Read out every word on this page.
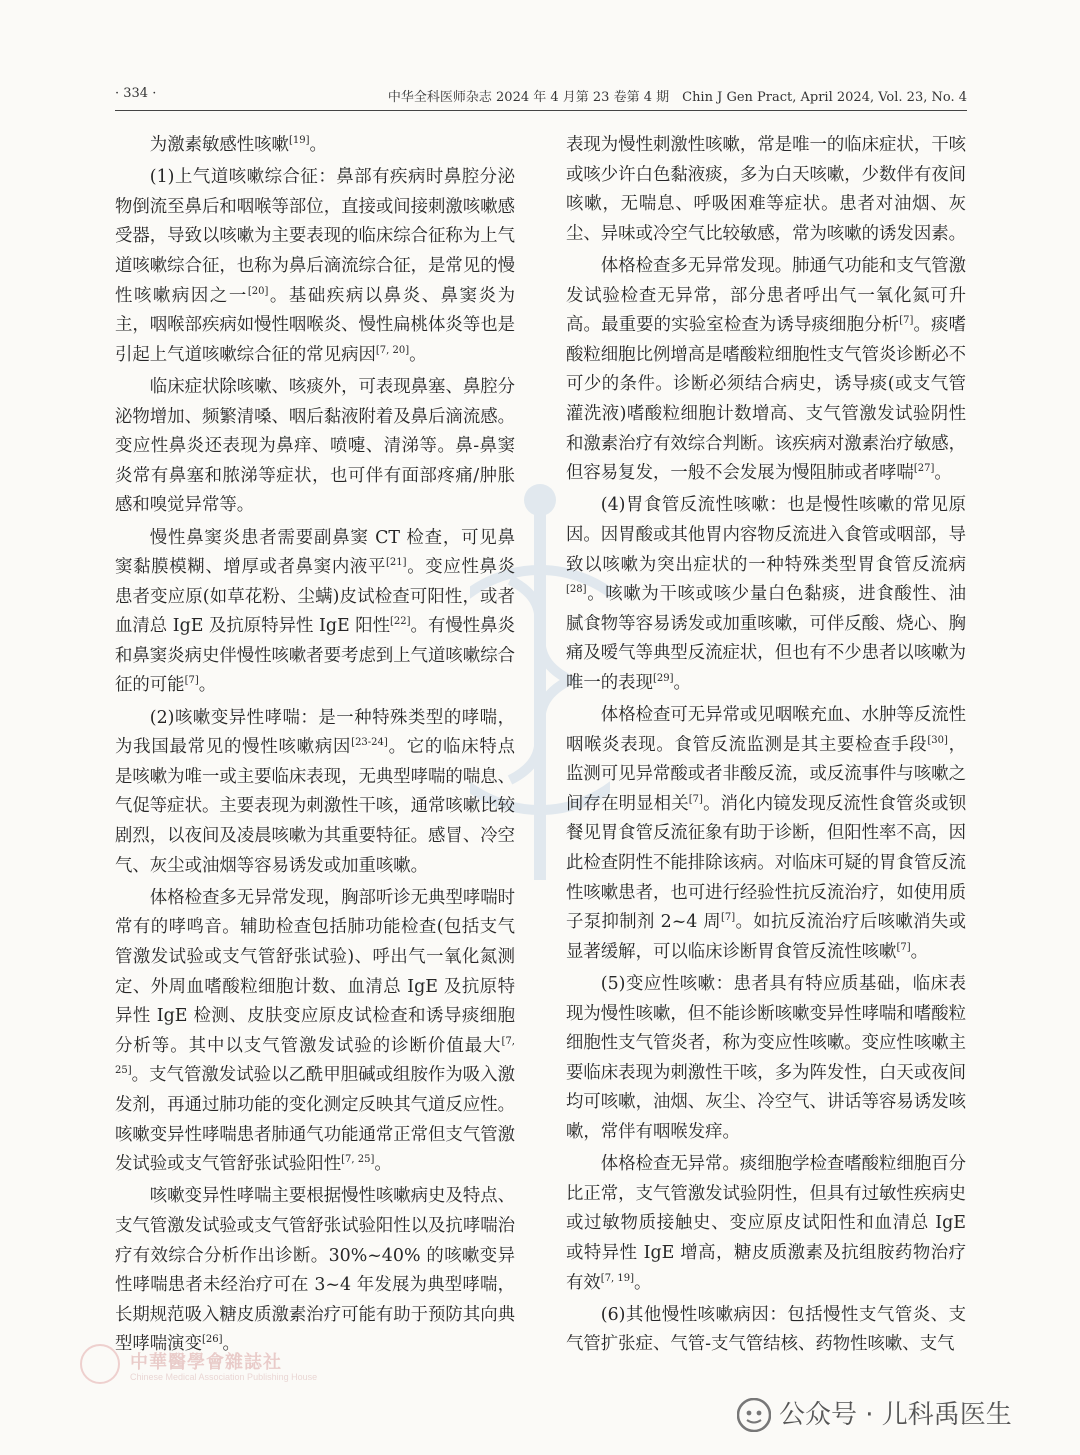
· 334 ·	中华全科医师杂志 2024 年 4 月第 23 卷第 4 期　Chin J Gen Pract, April 2024, Vol. 23, No. 4

为激素敏感性咳嗽[19]。

(1)上气道咳嗽综合征：鼻部有疾病时鼻腔分泌物倒流至鼻后和咽喉等部位，直接或间接刺激咳嗽感受器，导致以咳嗽为主要表现的临床综合征称为上气道咳嗽综合征，也称为鼻后滴流综合征，是常见的慢性咳嗽病因之一[20]。基础疾病以鼻炎、鼻窦炎为主，咽喉部疾病如慢性咽喉炎、慢性扁桃体炎等也是引起上气道咳嗽综合征的常见病因[7, 20]。

临床症状除咳嗽、咳痰外，可表现鼻塞、鼻腔分泌物增加、频繁清嗓、咽后黏液附着及鼻后滴流感。变应性鼻炎还表现为鼻痒、喷嚏、清涕等。鼻-鼻窦炎常有鼻塞和脓涕等症状，也可伴有面部疼痛/肿胀感和嗅觉异常等。

慢性鼻窦炎患者需要副鼻窦 CT 检查，可见鼻窦黏膜模糊、增厚或者鼻窦内液平[21]。变应性鼻炎患者变应原(如草花粉、尘螨)皮试检查可阳性，或者血清总 IgE 及抗原特异性 IgE 阳性[22]。有慢性鼻炎和鼻窦炎病史伴慢性咳嗽者要考虑到上气道咳嗽综合征的可能[7]。

(2)咳嗽变异性哮喘：是一种特殊类型的哮喘，为我国最常见的慢性咳嗽病因[23-24]。它的临床特点是咳嗽为唯一或主要临床表现，无典型哮喘的喘息、气促等症状。主要表现为刺激性干咳，通常咳嗽比较剧烈，以夜间及凌晨咳嗽为其重要特征。感冒、冷空气、灰尘或油烟等容易诱发或加重咳嗽。

体格检查多无异常发现，胸部听诊无典型哮喘时常有的哮鸣音。辅助检查包括肺功能检查(包括支气管激发试验或支气管舒张试验)、呼出气一氧化氮测定、外周血嗜酸粒细胞计数、血清总 IgE 及抗原特异性 IgE 检测、皮肤变应原皮试检查和诱导痰细胞分析等。其中以支气管激发试验的诊断价值最大[7, 25]。支气管激发试验以乙酰甲胆碱或组胺作为吸入激发剂，再通过肺功能的变化测定反映其气道反应性。咳嗽变异性哮喘患者肺通气功能通常正常但支气管激发试验或支气管舒张试验阳性[7, 25]。

咳嗽变异性哮喘主要根据慢性咳嗽病史及特点、支气管激发试验或支气管舒张试验阳性以及抗哮喘治疗有效综合分析作出诊断。30%~40% 的咳嗽变异性哮喘患者未经治疗可在 3~4 年发展为典型哮喘，长期规范吸入糖皮质激素治疗可能有助于预防其向典型哮喘演变[26]。

表现为慢性刺激性咳嗽，常是唯一的临床症状，干咳或咳少许白色黏液痰，多为白天咳嗽，少数伴有夜间咳嗽，无喘息、呼吸困难等症状。患者对油烟、灰尘、异味或冷空气比较敏感，常为咳嗽的诱发因素。

体格检查多无异常发现。肺通气功能和支气管激发试验检查无异常，部分患者呼出气一氧化氮可升高。最重要的实验室检查为诱导痰细胞分析[7]。痰嗜酸粒细胞比例增高是嗜酸粒细胞性支气管炎诊断必不可少的条件。诊断必须结合病史，诱导痰(或支气管灌洗液)嗜酸粒细胞计数增高、支气管激发试验阴性和激素治疗有效综合判断。该疾病对激素治疗敏感，但容易复发，一般不会发展为慢阻肺或者哮喘[27]。

(4)胃食管反流性咳嗽：也是慢性咳嗽的常见原因。因胃酸或其他胃内容物反流进入食管或咽部，导致以咳嗽为突出症状的一种特殊类型胃食管反流病[28]。咳嗽为干咳或咳少量白色黏痰，进食酸性、油腻食物等容易诱发或加重咳嗽，可伴反酸、烧心、胸痛及嗳气等典型反流症状，但也有不少患者以咳嗽为唯一的表现[29]。

体格检查可无异常或见咽喉充血、水肿等反流性咽喉炎表现。食管反流监测是其主要检查手段[30]，监测可见异常酸或者非酸反流，或反流事件与咳嗽之间存在明显相关[7]。消化内镜发现反流性食管炎或钡餐见胃食管反流征象有助于诊断，但阳性率不高，因此检查阴性不能排除该病。对临床可疑的胃食管反流性咳嗽患者，也可进行经验性抗反流治疗，如使用质子泵抑制剂 2~4 周[7]。如抗反流治疗后咳嗽消失或显著缓解，可以临床诊断胃食管反流性咳嗽[7]。

(5)变应性咳嗽：患者具有特应质基础，临床表现为慢性咳嗽，但不能诊断咳嗽变异性哮喘和嗜酸粒细胞性支气管炎者，称为变应性咳嗽。变应性咳嗽主要临床表现为刺激性干咳，多为阵发性，白天或夜间均可咳嗽，油烟、灰尘、冷空气、讲话等容易诱发咳嗽，常伴有咽喉发痒。

体格检查无异常。痰细胞学检查嗜酸粒细胞百分比正常，支气管激发试验阴性，但具有过敏性疾病史或过敏物质接触史、变应原皮试阳性和血清总 IgE 或特异性 IgE 增高，糖皮质激素及抗组胺药物治疗有效[7, 19]。

(6)其他慢性咳嗽病因：包括慢性支气管炎、支气管扩张症、气管-支气管结核、药物性咳嗽、支气

中華醫學會雜誌社
Chinese Medical Association Publishing House
公众号 · 儿科禹医生
